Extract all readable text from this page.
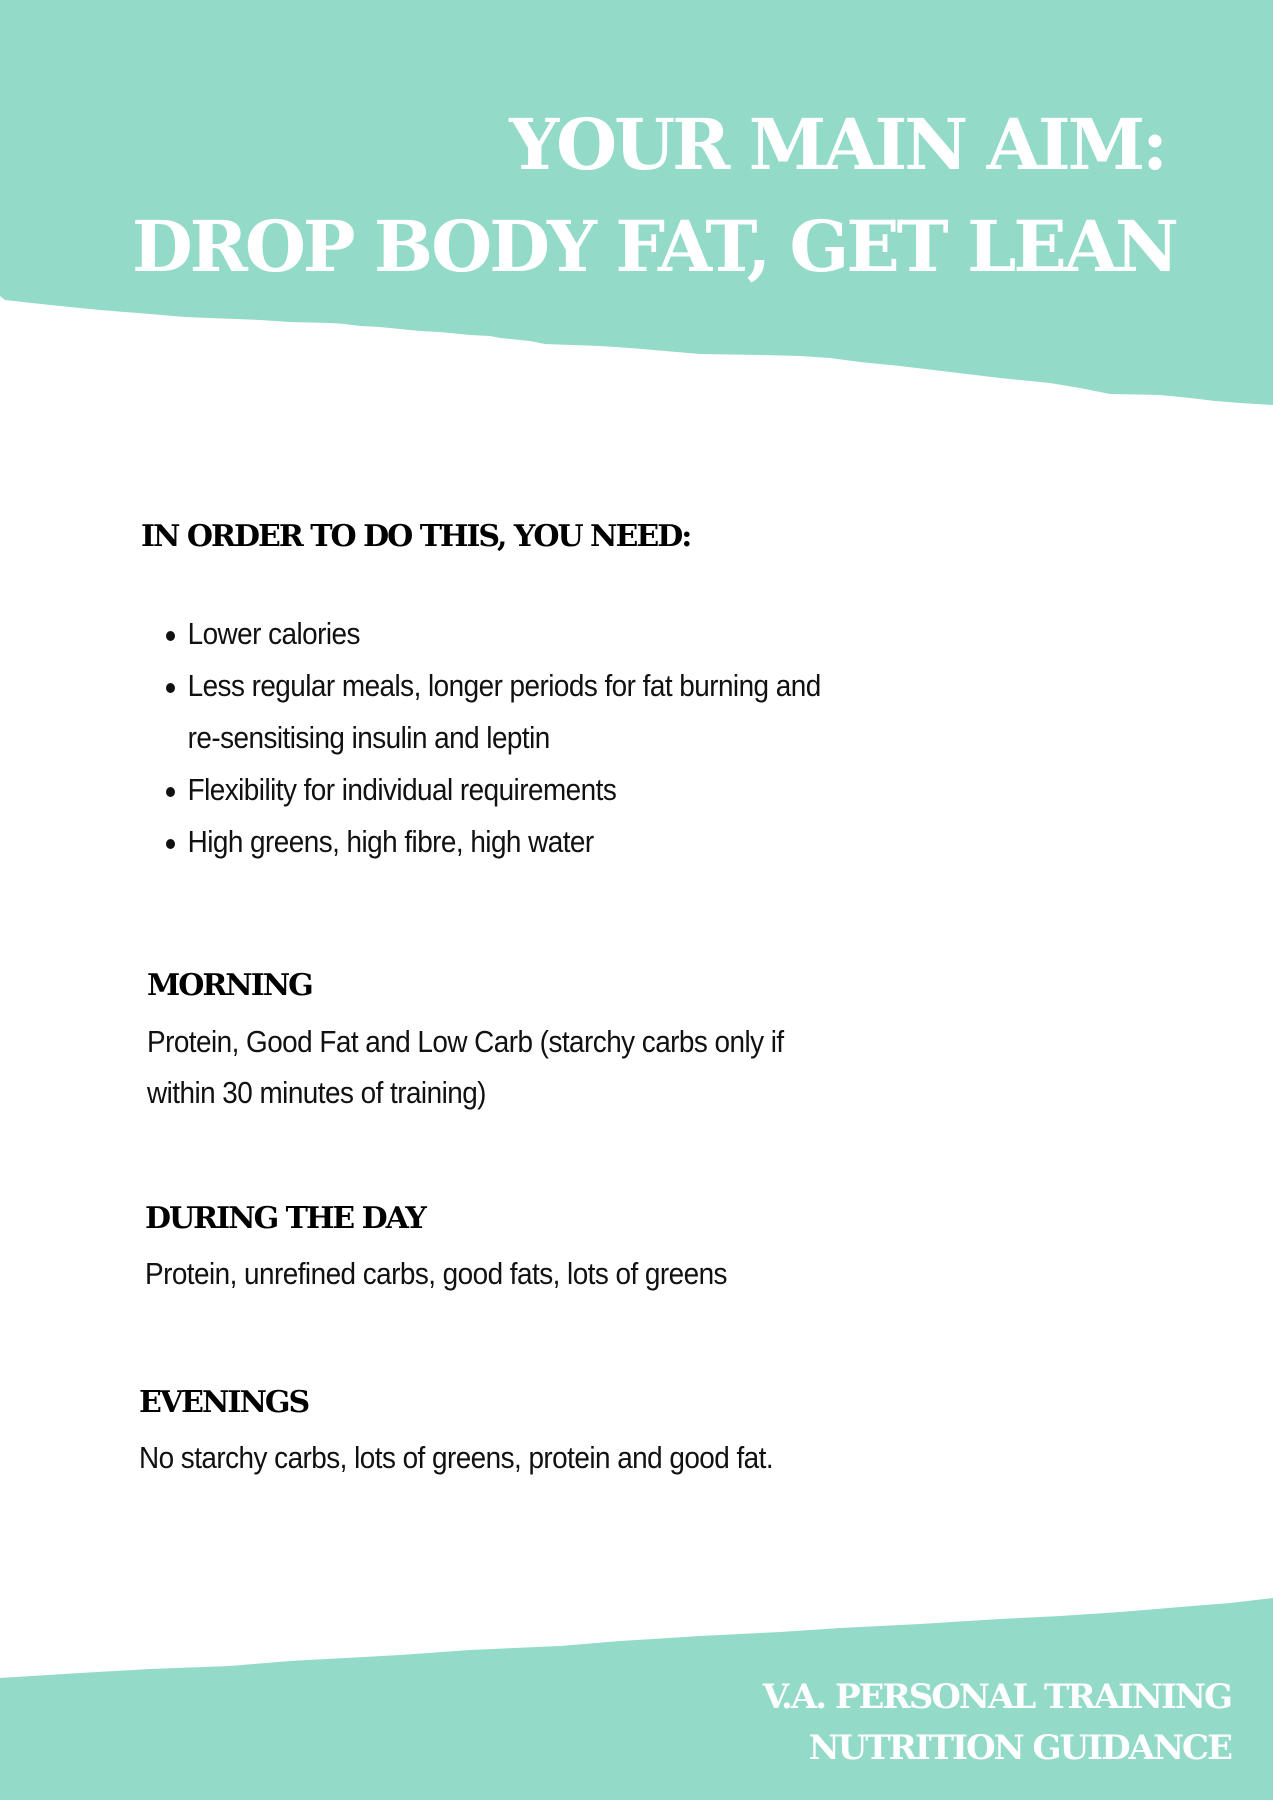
YOUR MAIN AIM:
DROP BODY FAT, GET LEAN
IN ORDER TO DO THIS, YOU NEED:
Lower calories
Less regular meals, longer periods for fat burning and
re-sensitising insulin and leptin
Flexibility for individual requirements
High greens, high fibre, high water
MORNING
Protein, Good Fat and Low Carb (starchy carbs only if
within 30 minutes of training)
DURING THE DAY
Protein, unrefined carbs, good fats, lots of greens
EVENINGS
No starchy carbs, lots of greens, protein and good fat.
V.A. PERSONAL TRAINING
NUTRITION GUIDANCE
